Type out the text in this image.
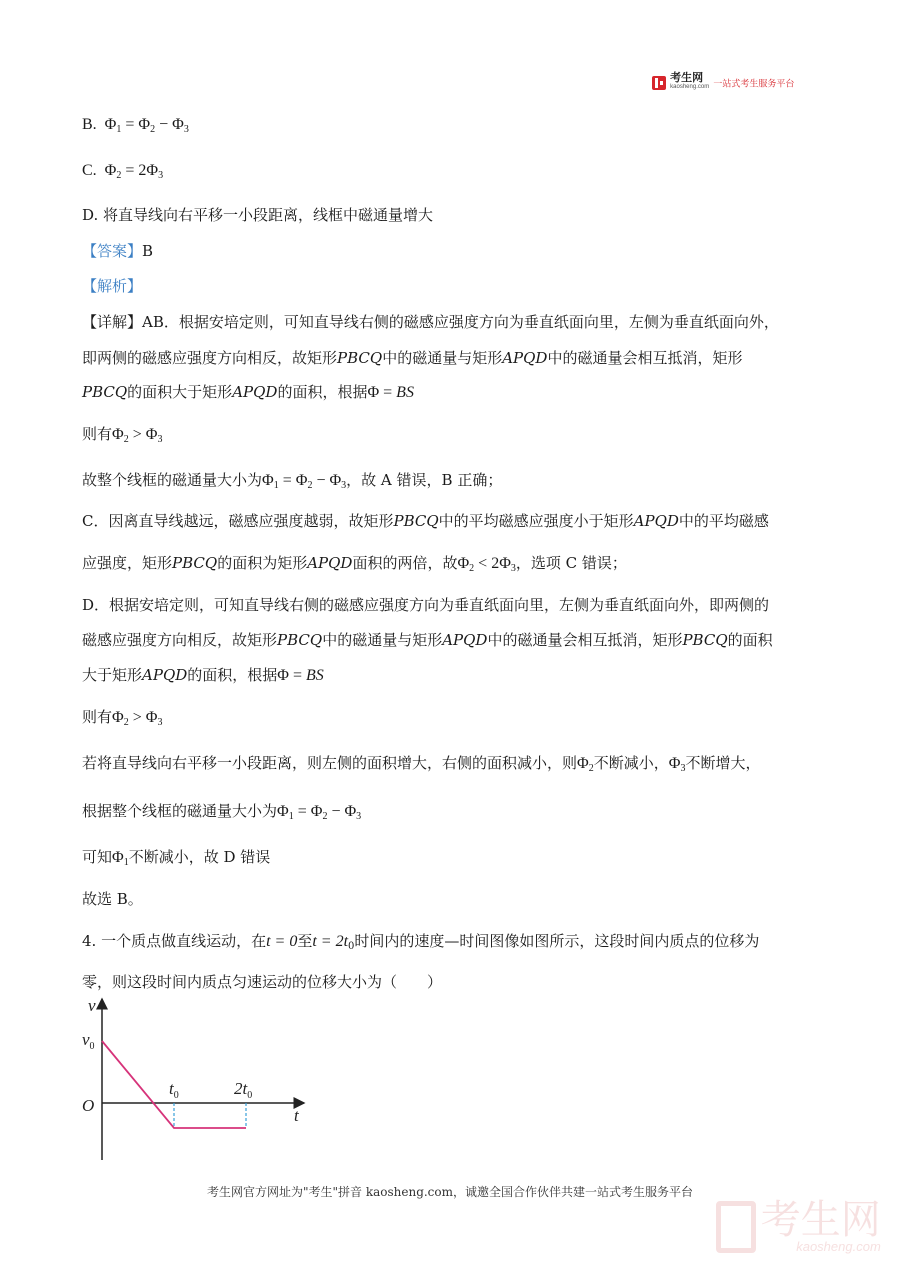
考生网
kaosheng.com 一站式考生服务平台
B.  $\Phi_1 = \Phi_2 - \Phi_3$
C.  $\Phi_2 = 2\Phi_3$
D. 将直导线向右平移一小段距离，线框中磁通量增大
【答案】B
【解析】
【详解】AB．根据安培定则，可知直导线右侧的磁感应强度方向为垂直纸面向里，左侧为垂直纸面向外，
即两侧的磁感应强度方向相反，故矩形PBCQ中的磁通量与矩形APQD中的磁通量会相互抵消，矩形
PBCQ的面积大于矩形APQD的面积，根据Φ = BS
则有$\Phi_2 > \Phi_3$
故整个线框的磁通量大小为$\Phi_1 = \Phi_2 - \Phi_3$，故 A 错误，B 正确；
C．因离直导线越远，磁感应强度越弱，故矩形PBCQ中的平均磁感应强度小于矩形APQD中的平均磁感
应强度，矩形PBCQ的面积为矩形APQD面积的两倍，故$\Phi_2 < 2\Phi_3$，选项 C 错误；
D．根据安培定则，可知直导线右侧的磁感应强度方向为垂直纸面向里，左侧为垂直纸面向外，即两侧的
磁感应强度方向相反，故矩形PBCQ中的磁通量与矩形APQD中的磁通量会相互抵消，矩形PBCQ的面积
大于矩形APQD的面积，根据Φ = BS
则有$\Phi_2 > \Phi_3$
若将直导线向右平移一小段距离，则左侧的面积增大，右侧的面积减小，则$\Phi_2$不断减小，$\Phi_3$不断增大，
根据整个线框的磁通量大小为$\Phi_1 = \Phi_2 - \Phi_3$
可知$\Phi_1$不断减小，故 D 错误
故选 B。
4. 一个质点做直线运动，在t = 0至$t = 2t_0$时间内的速度—时间图像如图所示，这段时间内质点的位移为
零，则这段时间内质点匀速运动的位移大小为（　　）
v
$v_0$
O
t
$t_0$	$2t_0$
考生网官方网址为"考生"拼音 kaosheng.com，诚邀全国合作伙伴共建一站式考生服务平台

考生网
kaosheng.com
